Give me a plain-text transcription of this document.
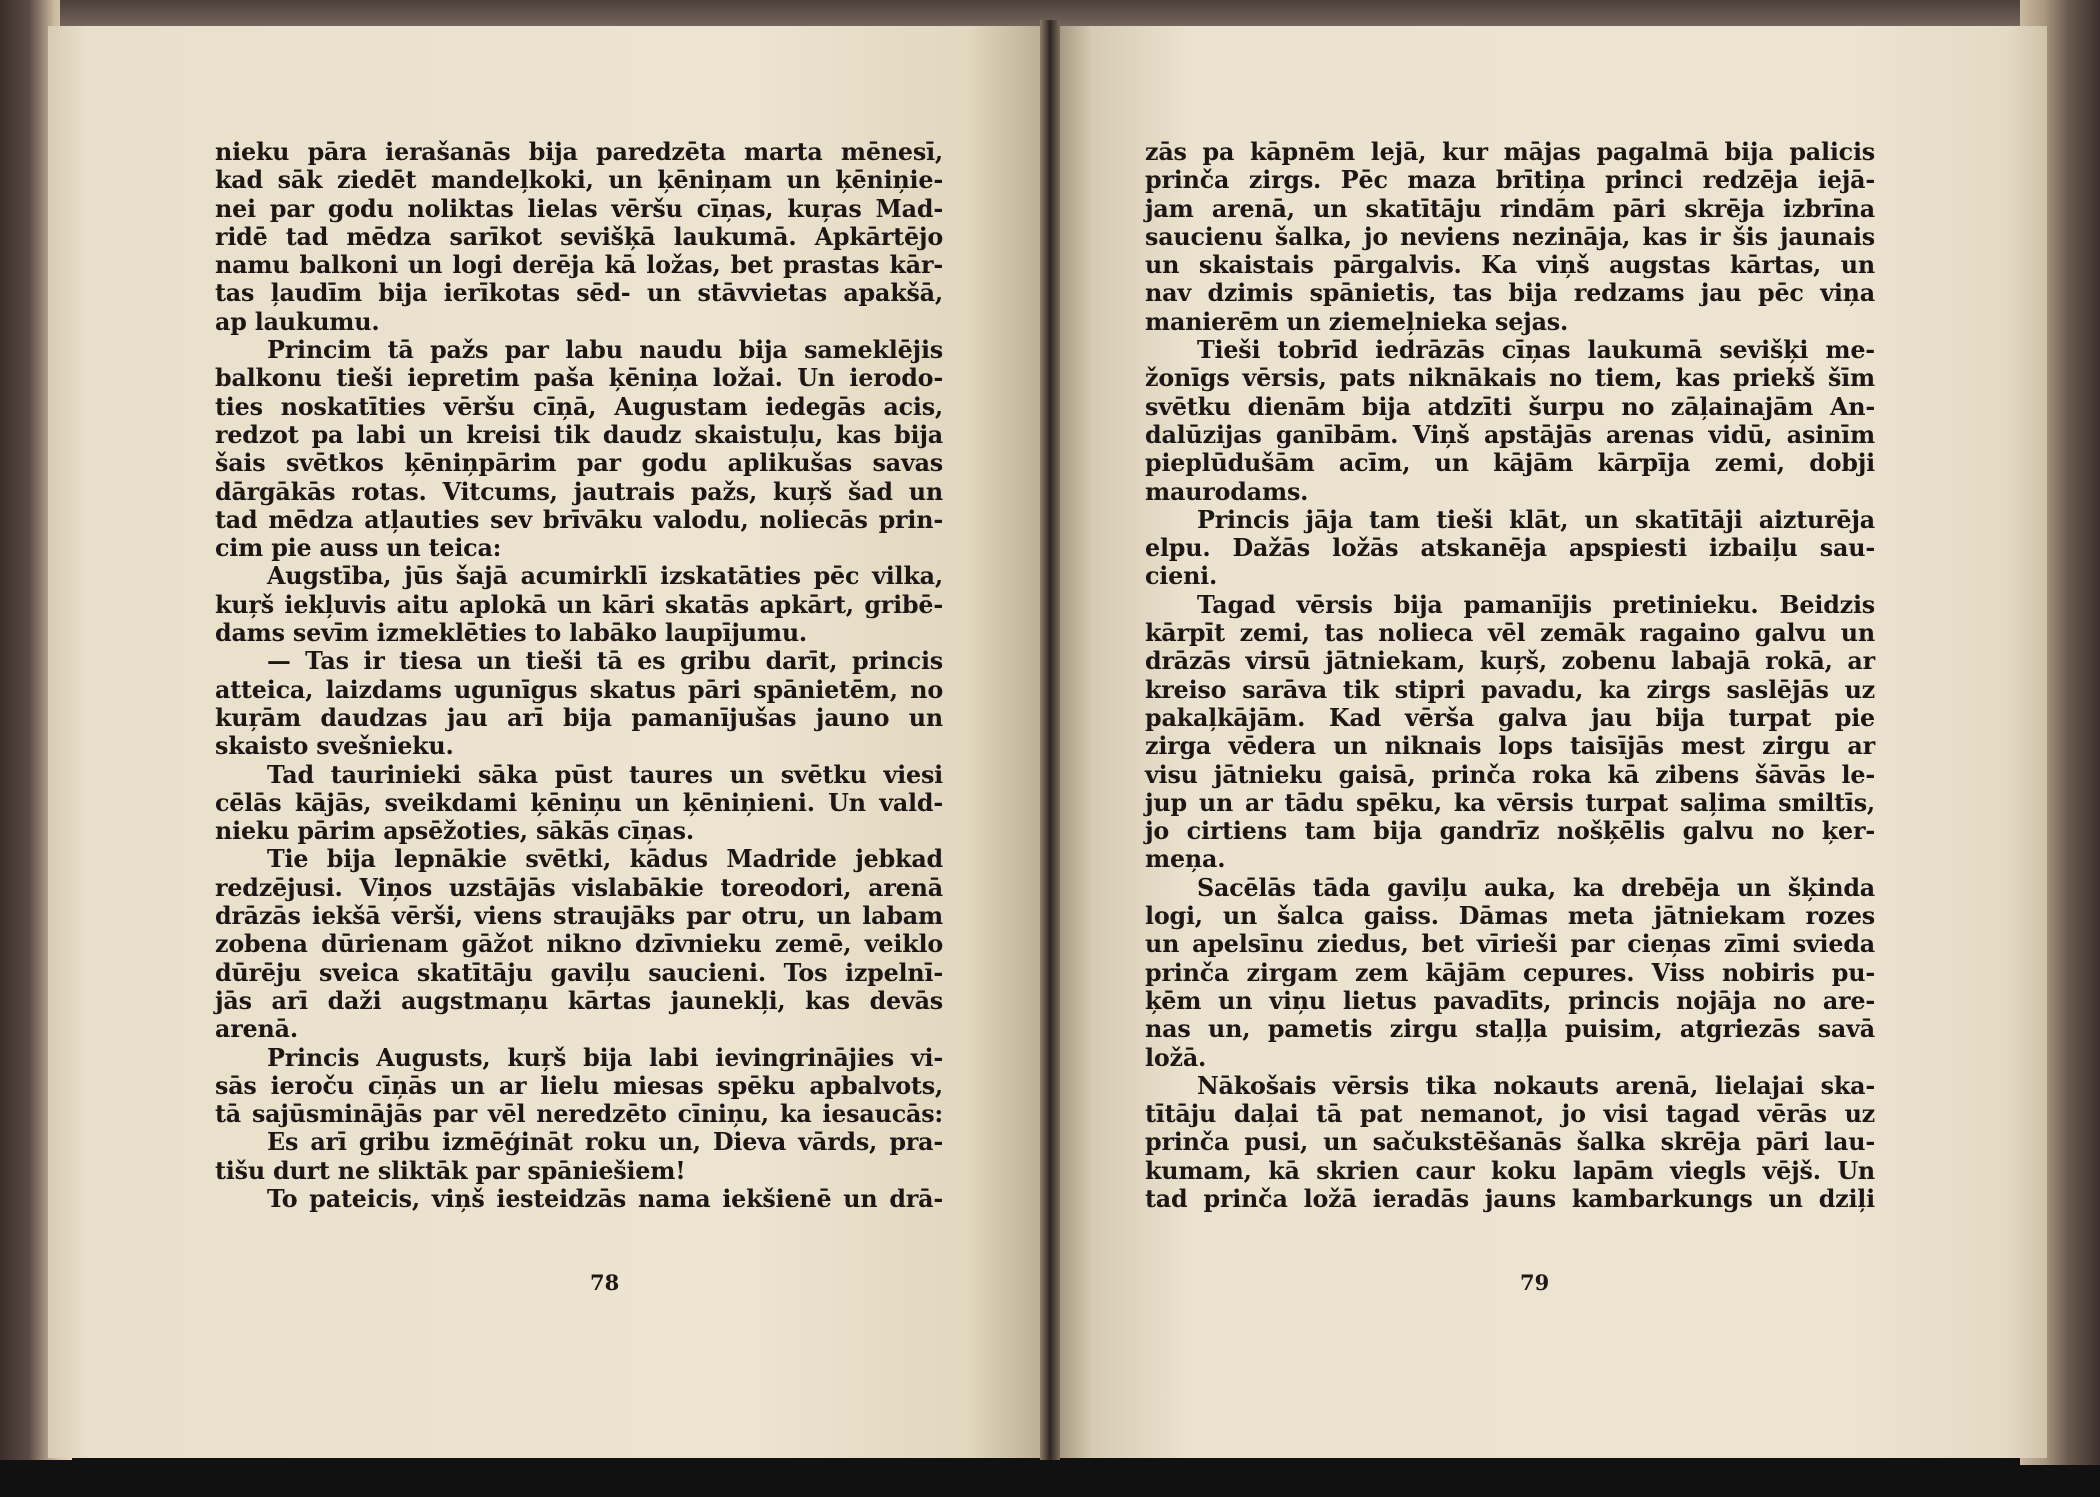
nieku pāra ierašanās bija paredzēta marta mēnesī,
kad sāk ziedēt mandeļkoki, un ķēniņam un ķēniņie-
nei par godu noliktas lielas vēršu cīņas, kuŗas Mad-
ridē tad mēdza sarīkot sevišķā laukumā. Apkārtējo
namu balkoni un logi derēja kā ložas, bet prastas kār-
tas ļaudīm bija ierīkotas sēd- un stāvvietas apakšā,
ap laukumu.
Princim tā pažs par labu naudu bija sameklējis
balkonu tieši iepretim paša ķēniņa ložai. Un ierodo-
ties noskatīties vēršu cīņā, Augustam iedegās acis,
redzot pa labi un kreisi tik daudz skaistuļu, kas bija
šais svētkos ķēniņpārim par godu aplikušas savas
dārgākās rotas. Vitcums, jautrais pažs, kuŗš šad un
tad mēdza atļauties sev brīvāku valodu, noliecās prin-
cim pie auss un teica:
Augstība, jūs šajā acumirklī izskatāties pēc vilka,
kuŗš iekļuvis aitu aplokā un kāri skatās apkārt, gribē-
dams sevīm izmeklēties to labāko laupījumu.
— Tas ir tiesa un tieši tā es gribu darīt, princis
atteica, laizdams ugunīgus skatus pāri spānietēm, no
kuŗām daudzas jau arī bija pamanījušas jauno un
skaisto svešnieku.
Tad taurinieki sāka pūst taures un svētku viesi
cēlās kājās, sveikdami ķēniņu un ķēniņieni. Un vald-
nieku pārim apsēžoties, sākās cīņas.
Tie bija lepnākie svētki, kādus Madride jebkad
redzējusi. Viņos uzstājās vislabākie toreodori, arenā
drāzās iekšā vērši, viens straujāks par otru, un labam
zobena dūrienam gāžot nikno dzīvnieku zemē, veiklo
dūrēju sveica skatītāju gaviļu saucieni. Tos izpelnī-
jās arī daži augstmaņu kārtas jaunekļi, kas devās
arenā.
Princis Augusts, kuŗš bija labi ievingrinājies vi-
sās ieroču cīņās un ar lielu miesas spēku apbalvots,
tā sajūsminājās par vēl neredzēto cīniņu, ka iesaucās:
Es arī gribu izmēģināt roku un, Dieva vārds, pra-
tišu durt ne sliktāk par spāniešiem!
To pateicis, viņš iesteidzās nama iekšienē un drā-
zās pa kāpnēm lejā, kur mājas pagalmā bija palicis
prinča zirgs. Pēc maza brītiņa princi redzēja iejā-
jam arenā, un skatītāju rindām pāri skrēja izbrīna
saucienu šalka, jo neviens nezināja, kas ir šis jaunais
un skaistais pārgalvis. Ka viņš augstas kārtas, un
nav dzimis spānietis, tas bija redzams jau pēc viņa
manierēm un ziemeļnieka sejas.
Tieši tobrīd iedrāzās cīņas laukumā sevišķi me-
žonīgs vērsis, pats niknākais no tiem, kas priekš šīm
svētku dienām bija atdzīti šurpu no zāļainajām An-
dalūzijas ganībām. Viņš apstājās arenas vidū, asinīm
pieplūdušām acīm, un kājām kārpīja zemi, dobji
maurodams.
Princis jāja tam tieši klāt, un skatītāji aizturēja
elpu. Dažās ložās atskanēja apspiesti izbaiļu sau-
cieni.
Tagad vērsis bija pamanījis pretinieku. Beidzis
kārpīt zemi, tas nolieca vēl zemāk ragaino galvu un
drāzās virsū jātniekam, kuŗš, zobenu labajā rokā, ar
kreiso sarāva tik stipri pavadu, ka zirgs saslējās uz
pakaļkājām. Kad vērša galva jau bija turpat pie
zirga vēdera un niknais lops taisījās mest zirgu ar
visu jātnieku gaisā, prinča roka kā zibens šāvās le-
jup un ar tādu spēku, ka vērsis turpat saļima smiltīs,
jo cirtiens tam bija gandrīz nošķēlis galvu no ķer-
meņa.
Sacēlās tāda gaviļu auka, ka drebēja un šķinda
logi, un šalca gaiss. Dāmas meta jātniekam rozes
un apelsīnu ziedus, bet vīrieši par cieņas zīmi svieda
prinča zirgam zem kājām cepures. Viss nobiris pu-
ķēm un viņu lietus pavadīts, princis nojāja no are-
nas un, pametis zirgu staļļa puisim, atgriezās savā
ložā.
Nākošais vērsis tika nokauts arenā, lielajai ska-
tītāju daļai tā pat nemanot, jo visi tagad vērās uz
prinča pusi, un sačukstēšanās šalka skrēja pāri lau-
kumam, kā skrien caur koku lapām viegls vējš. Un
tad prinča ložā ieradās jauns kambarkungs un dziļi
78	79
